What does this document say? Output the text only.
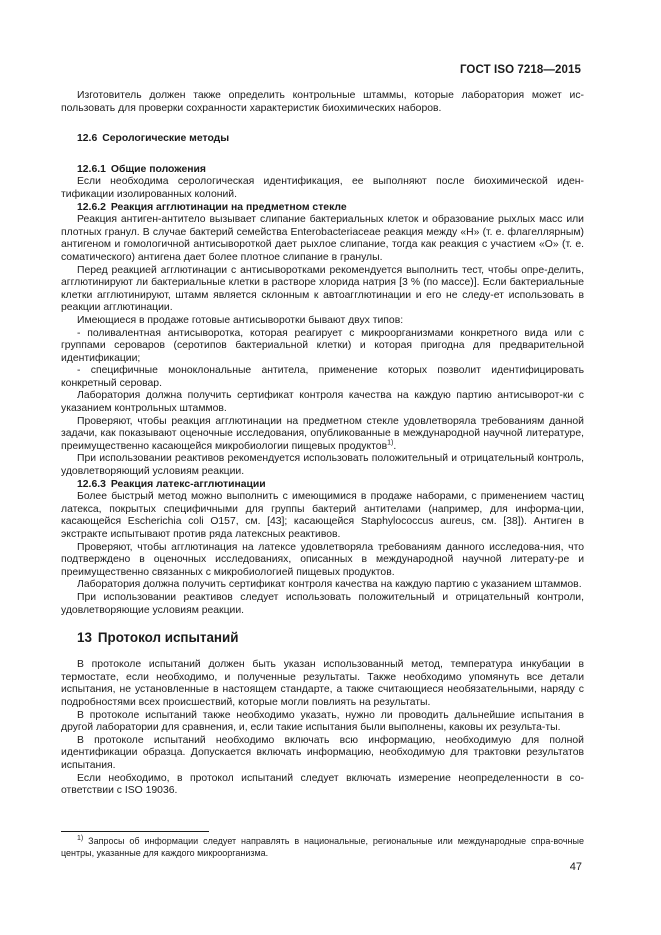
ГОСТ ISO 7218—2015

Изготовитель должен также определить контрольные штаммы, которые лаборатория может ис-пользовать для проверки сохранности характеристик биохимических наборов.

12.6 Серологические методы

12.6.1 Общие положения

Если необходима серологическая идентификация, ее выполняют после биохимической иден-тификации изолированных колоний.

12.6.2 Реакция агглютинации на предметном стекле

Реакция антиген-антитело вызывает слипание бактериальных клеток и образование рыхлых масс или плотных гранул. В случае бактерий семейства Enterobacteriaceae реакция между «Н» (т. е. флагеллярным) антигеном и гомологичной антисывороткой дает рыхлое слипание, тогда как реакция с участием «О» (т. е. соматического) антигена дает более плотное слипание в гранулы.

Перед реакцией агглютинации с антисыворотками рекомендуется выполнить тест, чтобы опре-делить, агглютинируют ли бактериальные клетки в растворе хлорида натрия [3 % (по массе)]. Если бактериальные клетки агглютинируют, штамм является склонным к автоагглютинации и его не следу-ет использовать в реакции агглютинации.

Имеющиеся в продаже готовые антисыворотки бывают двух типов:

- поливалентная антисыворотка, которая реагирует с микроорганизмами конкретного вида или с группами сероваров (серотипов бактериальной клетки) и которая пригодна для предварительной идентификации;

- специфичные моноклональные антитела, применение которых позволит идентифицировать конкретный серовар.

Лаборатория должна получить сертификат контроля качества на каждую партию антисыворот-ки с указанием контрольных штаммов.

Проверяют, чтобы реакция агглютинации на предметном стекле удовлетворяла требованиям данной задачи, как показывают оценочные исследования, опубликованные в международной научной литературе, преимущественно касающейся микробиологии пищевых продуктов$^{1)}$.

При использовании реактивов рекомендуется использовать положительный и отрицательный контроль, удовлетворяющий условиям реакции.

12.6.3 Реакция латекс-агглютинации

Более быстрый метод можно выполнить с имеющимися в продаже наборами, с применением частиц латекса, покрытых специфичными для группы бактерий антителами (например, для информа-ции, касающейся Escherichia coli O157, см. [43]; касающейся Staphylococcus aureus, см. [38]). Антиген в экстракте испытывают против ряда латексных реактивов.

Проверяют, чтобы агглютинация на латексе удовлетворяла требованиям данного исследова-ния, что подтверждено в оценочных исследованиях, описанных в международной научной литерату-ре и преимущественно связанных с микробиологией пищевых продуктов.

Лаборатория должна получить сертификат контроля качества на каждую партию с указанием штаммов.

При использовании реактивов следует использовать положительный и отрицательный контроли, удовлетворяющие условиям реакции.

13 Протокол испытаний

В протоколе испытаний должен быть указан использованный метод, температура инкубации в термостате, если необходимо, и полученные результаты. Также необходимо упомянуть все детали испытания, не установленные в настоящем стандарте, а также считающиеся необязательными, наряду с подробностями всех происшествий, которые могли повлиять на результаты.

В протоколе испытаний также необходимо указать, нужно ли проводить дальнейшие испытания в другой лаборатории для сравнения, и, если такие испытания были выполнены, каковы их результа-ты.

В протоколе испытаний необходимо включать всю информацию, необходимую для полной идентификации образца. Допускается включать информацию, необходимую для трактовки результатов испытания.

Если необходимо, в протокол испытаний следует включать измерение неопределенности в со-ответствии с ISO 19036.

$^{1)}$ Запросы об информации следует направлять в национальные, региональные или международные спра-вочные центры, указанные для каждого микроорганизма.
47
